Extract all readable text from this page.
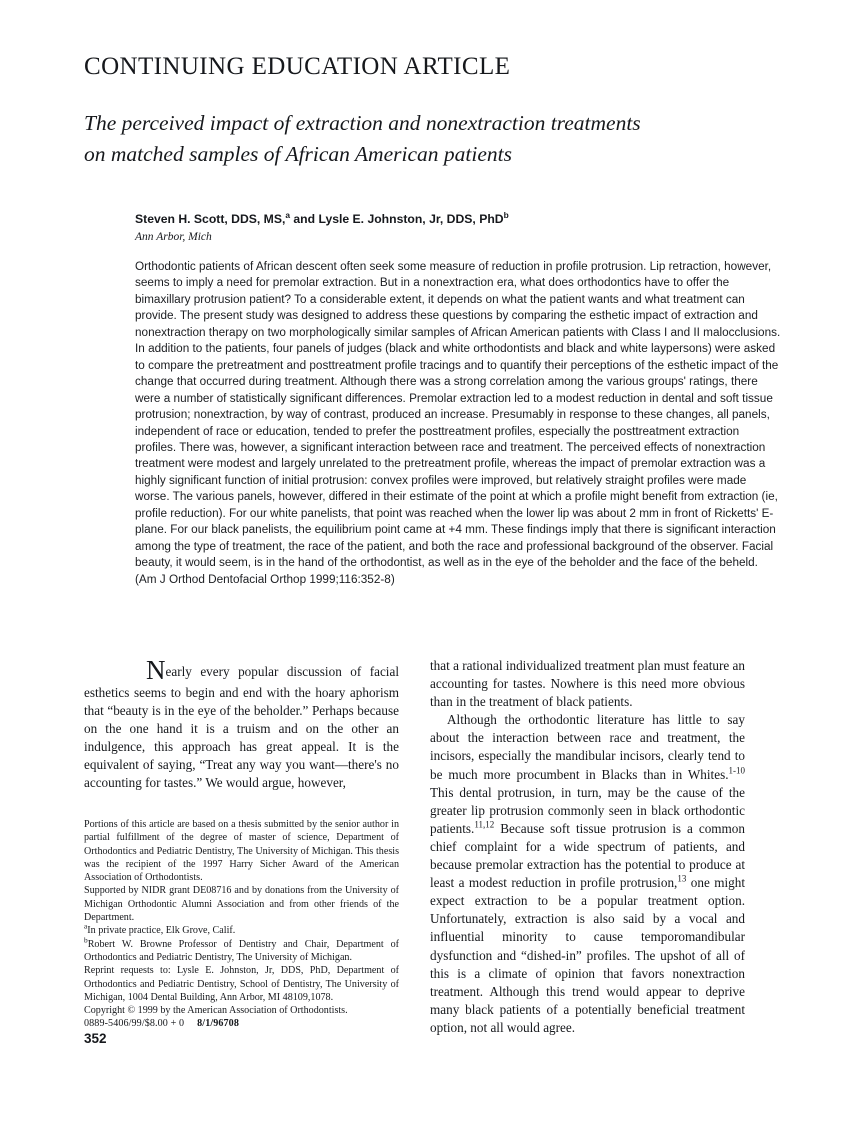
CONTINUING EDUCATION ARTICLE
The perceived impact of extraction and nonextraction treatments
on matched samples of African American patients
Steven H. Scott, DDS, MS,$^a$ and Lysle E. Johnston, Jr, DDS, PhD$^b$
Ann Arbor, Mich
Orthodontic patients of African descent often seek some measure of reduction in profile protrusion. Lip retraction, however, seems to imply a need for premolar extraction. But in a nonextraction era, what does orthodontics have to offer the bimaxillary protrusion patient? To a considerable extent, it depends on what the patient wants and what treatment can provide. The present study was designed to address these questions by comparing the esthetic impact of extraction and nonextraction therapy on two morphologically similar samples of African American patients with Class I and II malocclusions. In addition to the patients, four panels of judges (black and white orthodontists and black and white laypersons) were asked to compare the pretreatment and posttreatment profile tracings and to quantify their perceptions of the esthetic impact of the change that occurred during treatment. Although there was a strong correlation among the various groups' ratings, there were a number of statistically significant differences. Premolar extraction led to a modest reduction in dental and soft tissue protrusion; nonextraction, by way of contrast, produced an increase. Presumably in response to these changes, all panels, independent of race or education, tended to prefer the posttreatment profiles, especially the posttreatment extraction profiles. There was, however, a significant interaction between race and treatment. The perceived effects of nonextraction treatment were modest and largely unrelated to the pretreatment profile, whereas the impact of premolar extraction was a highly significant function of initial protrusion: convex profiles were improved, but relatively straight profiles were made worse. The various panels, however, differed in their estimate of the point at which a profile might benefit from extraction (ie, profile reduction). For our white panelists, that point was reached when the lower lip was about 2 mm in front of Ricketts' E-plane. For our black panelists, the equilibrium point came at +4 mm. These findings imply that there is significant interaction among the type of treatment, the race of the patient, and both the race and professional background of the observer. Facial beauty, it would seem, is in the hand of the orthodontist, as well as in the eye of the beholder and the face of the beheld. (Am J Orthod Dentofacial Orthop 1999;116:352-8)

Nearly every popular discussion of facial esthetics seems to begin and end with the hoary aphorism that “beauty is in the eye of the beholder.” Perhaps because on the one hand it is a truism and on the other an indulgence, this approach has great appeal. It is the equivalent of saying, “Treat any way you want—there's no accounting for tastes.” We would argue, however,

that a rational individualized treatment plan must feature an accounting for tastes. Nowhere is this need more obvious than in the treatment of black patients.

Although the orthodontic literature has little to say about the interaction between race and treatment, the incisors, especially the mandibular incisors, clearly tend to be much more procumbent in Blacks than in Whites.$^{1-10}$ This dental protrusion, in turn, may be the cause of the greater lip protrusion commonly seen in black orthodontic patients.$^{11,12}$ Because soft tissue protrusion is a common chief complaint for a wide spectrum of patients, and because premolar extraction has the potential to produce at least a modest reduction in profile protrusion,$^{13}$ one might expect extraction to be a popular treatment option. Unfortunately, extraction is also said by a vocal and influential minority to cause temporomandibular dysfunction and “dished-in” profiles. The upshot of all of this is a climate of opinion that favors nonextraction treatment. Although this trend would appear to deprive many black patients of a potentially beneficial treatment option, not all would agree.

Portions of this article are based on a thesis submitted by the senior author in partial fulfillment of the degree of master of science, Department of Orthodontics and Pediatric Dentistry, The University of Michigan. This thesis was the recipient of the 1997 Harry Sicher Award of the American Association of Orthodontists.

Supported by NIDR grant DE08716 and by donations from the University of Michigan Orthodontic Alumni Association and from other friends of the Department.

$^a$In private practice, Elk Grove, Calif.

$^b$Robert W. Browne Professor of Dentistry and Chair, Department of Orthodontics and Pediatric Dentistry, The University of Michigan.

Reprint requests to: Lysle E. Johnston, Jr, DDS, PhD, Department of Orthodontics and Pediatric Dentistry, School of Dentistry, The University of Michigan, 1004 Dental Building, Ann Arbor, MI 48109,1078.

Copyright © 1999 by the American Association of Orthodontists.

0889-5406/99/$8.00 + 0 8/1/96708

352
